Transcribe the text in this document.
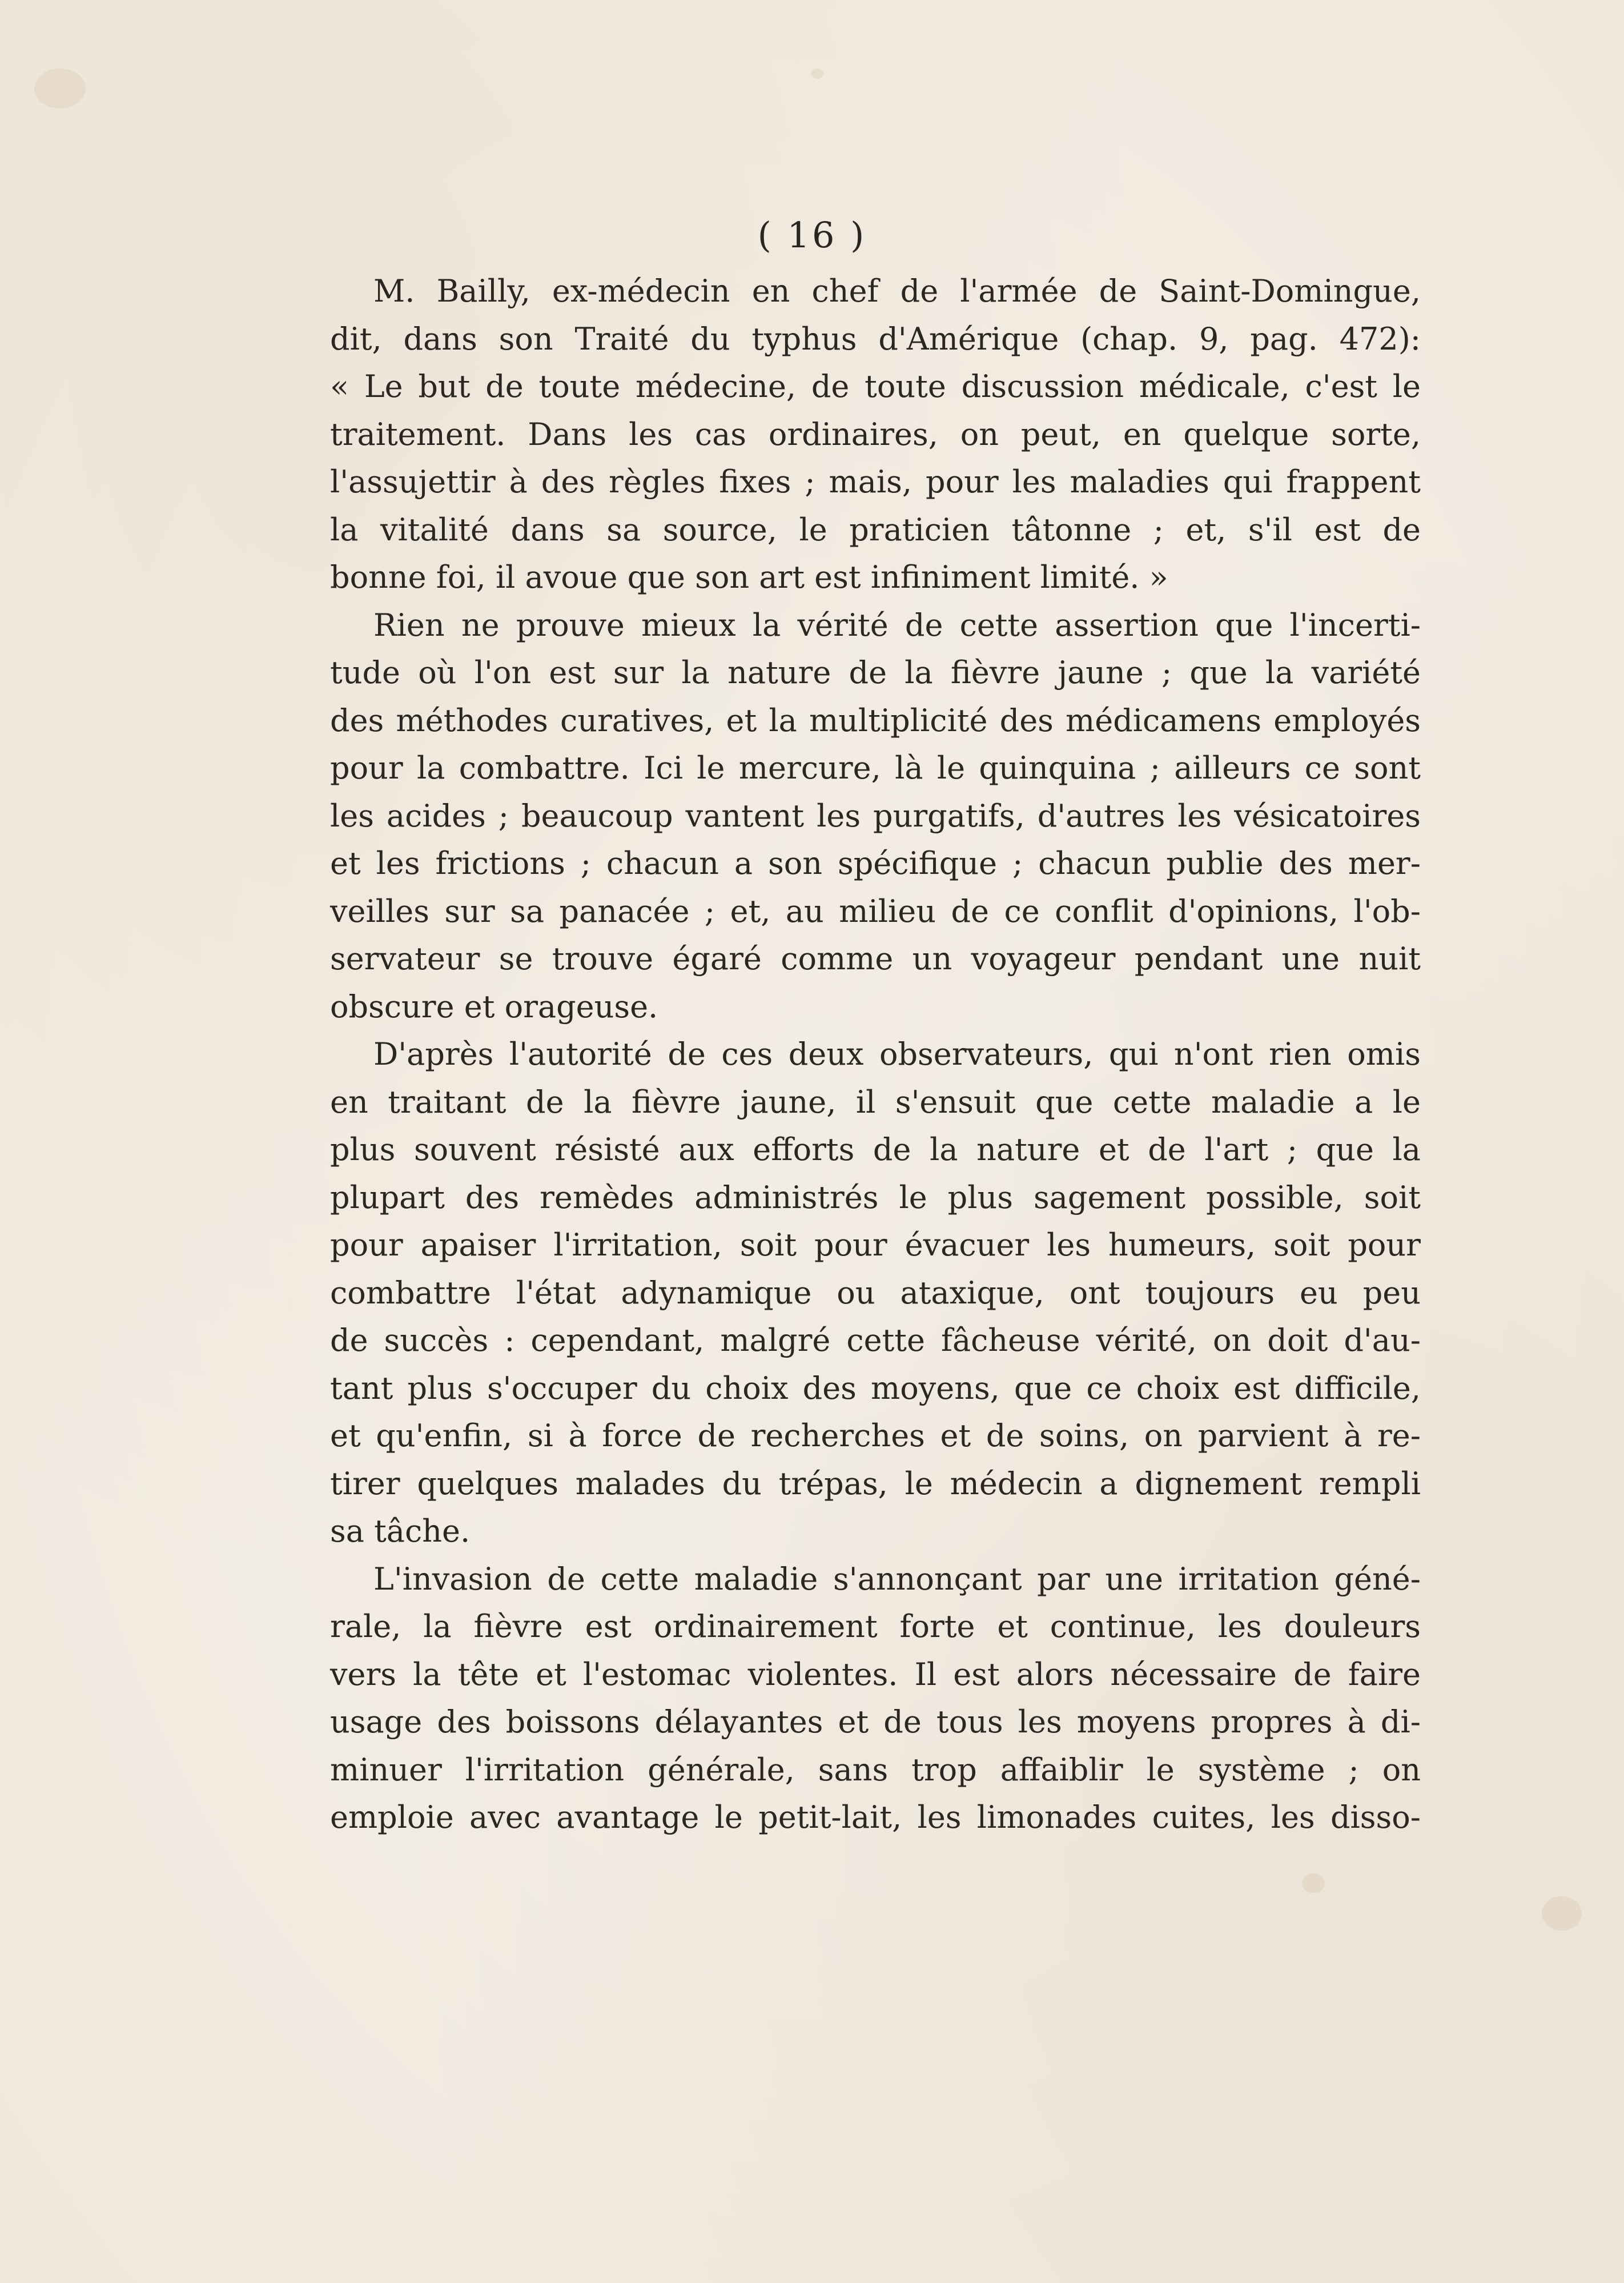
( 16 )
M. Bailly, ex-médecin en chef de l'armée de Saint-Domingue,
dit, dans son Traité du typhus d'Amérique (chap. 9, pag. 472):
« Le but de toute médecine, de toute discussion médicale, c'est le
traitement. Dans les cas ordinaires, on peut, en quelque sorte,
l'assujettir à des règles fixes ; mais, pour les maladies qui frappent
la vitalité dans sa source, le praticien tâtonne ; et, s'il est de
bonne foi, il avoue que son art est infiniment limité. »
Rien ne prouve mieux la vérité de cette assertion que l'incerti-
tude où l'on est sur la nature de la fièvre jaune ; que la variété
des méthodes curatives, et la multiplicité des médicamens employés
pour la combattre. Ici le mercure, là le quinquina ; ailleurs ce sont
les acides ; beaucoup vantent les purgatifs, d'autres les vésicatoires
et les frictions ; chacun a son spécifique ; chacun publie des mer-
veilles sur sa panacée ; et, au milieu de ce conflit d'opinions, l'ob-
servateur se trouve égaré comme un voyageur pendant une nuit
obscure et orageuse.
D'après l'autorité de ces deux observateurs, qui n'ont rien omis
en traitant de la fièvre jaune, il s'ensuit que cette maladie a le
plus souvent résisté aux efforts de la nature et de l'art ; que la
plupart des remèdes administrés le plus sagement possible, soit
pour apaiser l'irritation, soit pour évacuer les humeurs, soit pour
combattre l'état adynamique ou ataxique, ont toujours eu peu
de succès : cependant, malgré cette fâcheuse vérité, on doit d'au-
tant plus s'occuper du choix des moyens, que ce choix est difficile,
et qu'enfin, si à force de recherches et de soins, on parvient à re-
tirer quelques malades du trépas, le médecin a dignement rempli
sa tâche.
L'invasion de cette maladie s'annonçant par une irritation géné-
rale, la fièvre est ordinairement forte et continue, les douleurs
vers la tête et l'estomac violentes. Il est alors nécessaire de faire
usage des boissons délayantes et de tous les moyens propres à di-
minuer l'irritation générale, sans trop affaiblir le système ; on
emploie avec avantage le petit-lait, les limonades cuites, les disso-
